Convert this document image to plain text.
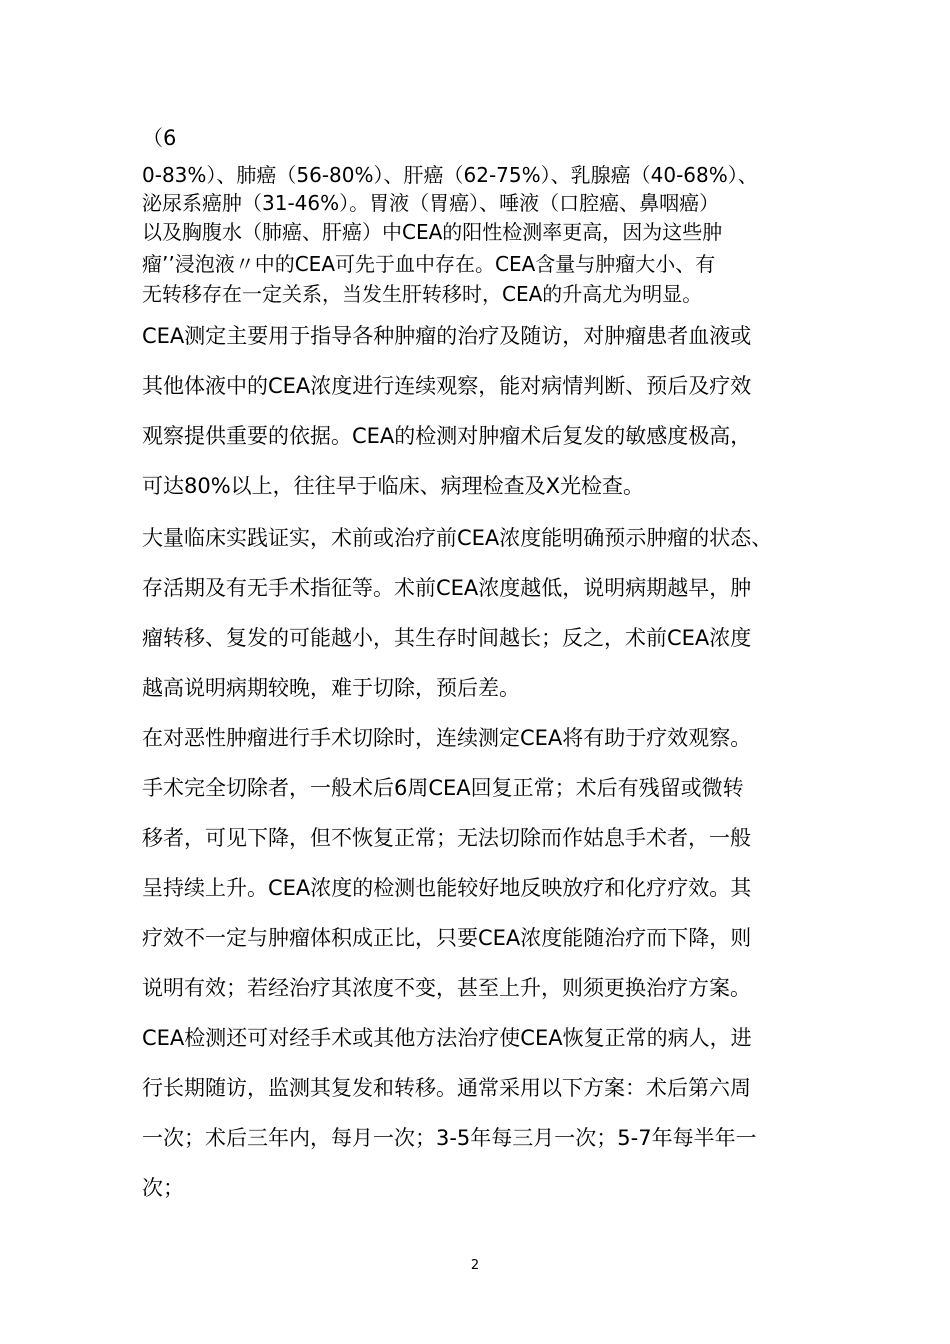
（6
0-83%）、肺癌（56-80%）、肝癌（62-75%）、乳腺癌（40-68%）、
泌尿系癌肿（31-46%）。胃液（胃癌）、唾液（口腔癌、鼻咽癌）
以及胸腹水（肺癌、肝癌）中CEA的阳性检测率更高，因为这些肿
瘤’’浸泡液〃中的CEA可先于血中存在。CEA含量与肿瘤大小、有
无转移存在一定关系，当发生肝转移时，CEA的升高尤为明显。
CEA测定主要用于指导各种肿瘤的治疗及随访，对肿瘤患者血液或
其他体液中的CEA浓度进行连续观察，能对病情判断、预后及疗效
观察提供重要的依据。CEA的检测对肿瘤术后复发的敏感度极高，
可达80%以上，往往早于临床、病理检查及X光检查。
大量临床实践证实，术前或治疗前CEA浓度能明确预示肿瘤的状态、
存活期及有无手术指征等。术前CEA浓度越低，说明病期越早，肿
瘤转移、复发的可能越小，其生存时间越长；反之，术前CEA浓度
越高说明病期较晚，难于切除，预后差。
在对恶性肿瘤进行手术切除时，连续测定CEA将有助于疗效观察。
手术完全切除者，一般术后6周CEA回复正常；术后有残留或微转
移者，可见下降，但不恢复正常；无法切除而作姑息手术者，一般
呈持续上升。CEA浓度的检测也能较好地反映放疗和化疗疗效。其
疗效不一定与肿瘤体积成正比，只要CEA浓度能随治疗而下降，则
说明有效；若经治疗其浓度不变，甚至上升，则须更换治疗方案。
CEA检测还可对经手术或其他方法治疗使CEA恢复正常的病人，进
行长期随访，监测其复发和转移。通常采用以下方案：术后第六周
一次；术后三年内，每月一次；3-5年每三月一次；5-7年每半年一
次；
2
